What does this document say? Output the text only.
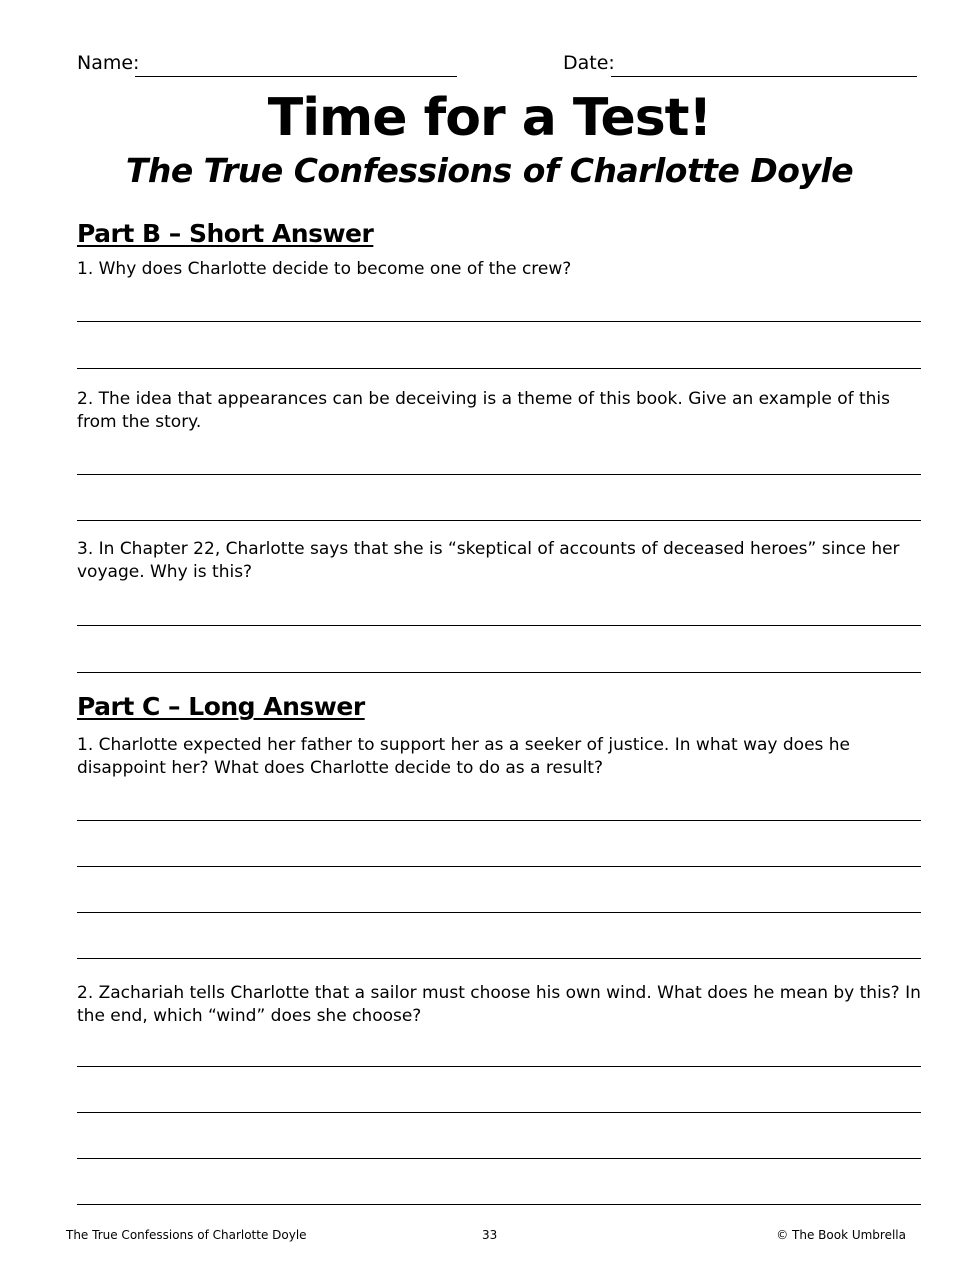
Name:	Date:
Time for a Test!
The True Confessions of Charlotte Doyle
Part B – Short Answer
1. Why does Charlotte decide to become one of the crew?
2. The idea that appearances can be deceiving is a theme of this book. Give an example of this from the story.
3. In Chapter 22, Charlotte says that she is “skeptical of accounts of deceased heroes” since her voyage. Why is this?
Part C – Long Answer
1. Charlotte expected her father to support her as a seeker of justice. In what way does he disappoint her? What does Charlotte decide to do as a result?
2. Zachariah tells Charlotte that a sailor must choose his own wind. What does he mean by this? In the end, which “wind” does she choose?
The True Confessions of Charlotte Doyle	33	© The Book Umbrella
